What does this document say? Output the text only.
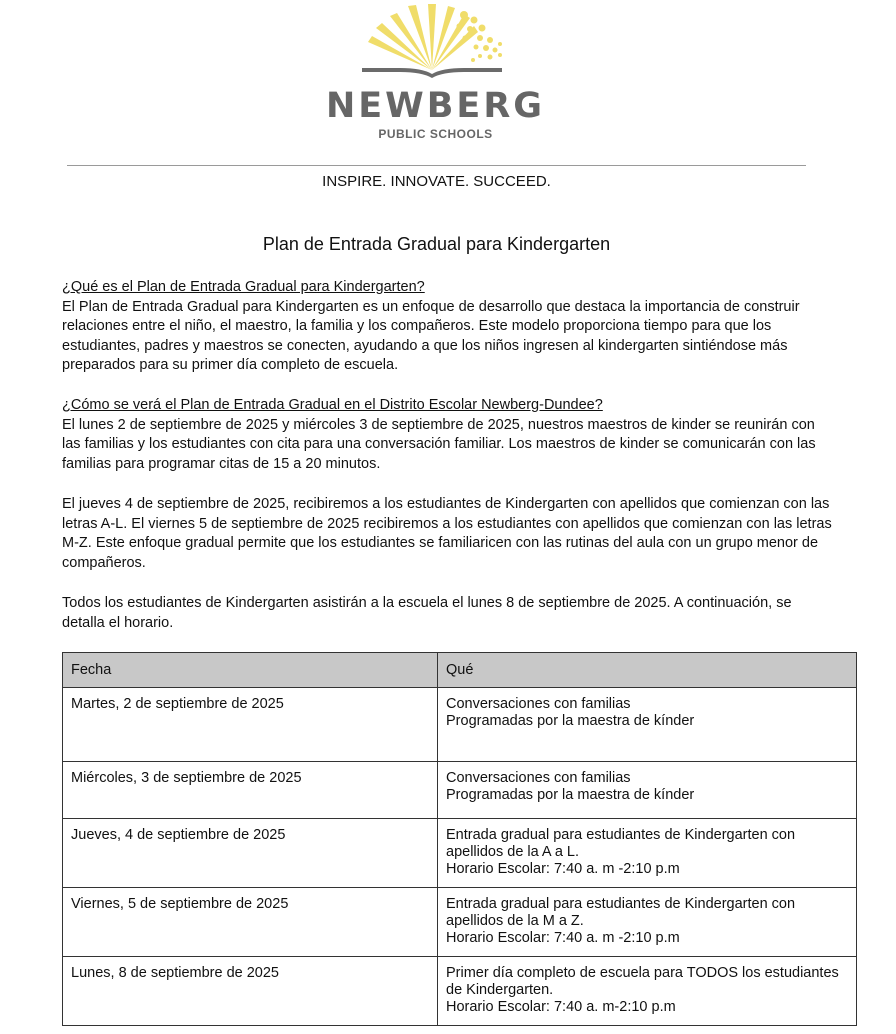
NEWBERG
PUBLIC SCHOOLS
INSPIRE. INNOVATE. SUCCEED.
Plan de Entrada Gradual para Kindergarten

¿Qué es el Plan de Entrada Gradual para Kindergarten?

El Plan de Entrada Gradual para Kindergarten es un enfoque de desarrollo que destaca la importancia de construir relaciones entre el niño, el maestro, la familia y los compañeros. Este modelo proporciona tiempo para que los estudiantes, padres y maestros se conecten, ayudando a que los niños ingresen al kindergarten sintiéndose más preparados para su primer día completo de escuela.

¿Cómo se verá el Plan de Entrada Gradual en el Distrito Escolar Newberg-Dundee?

El lunes 2 de septiembre de 2025 y miércoles 3 de septiembre de 2025, nuestros maestros de kinder se reunirán con las familias y los estudiantes con cita para una conversación familiar. Los maestros de kinder se comunicarán con las familias para programar citas de 15 a 20 minutos.

El jueves 4 de septiembre de 2025, recibiremos a los estudiantes de Kindergarten con apellidos que comienzan con las letras A-L. El viernes 5 de septiembre de 2025 recibiremos a los estudiantes con apellidos que comienzan con las letras M-Z. Este enfoque gradual permite que los estudiantes se familiaricen con las rutinas del aula con un grupo menor de compañeros.

Todos los estudiantes de Kindergarten asistirán a la escuela el lunes 8 de septiembre de 2025. A continuación, se detalla el horario.

Fecha	Qué
Martes, 2 de septiembre de 2025	Conversaciones con familias
Programadas por la maestra de kínder

Miércoles, 3 de septiembre de 2025	Conversaciones con familias
Programadas por la maestra de kínder

Jueves, 4 de septiembre de 2025	Entrada gradual para estudiantes de Kindergarten con apellidos de la A a L.
Horario Escolar: 7:40 a. m -2:10 p.m

Viernes, 5 de septiembre de 2025	Entrada gradual para estudiantes de Kindergarten con apellidos de la M a Z.
Horario Escolar: 7:40 a. m -2:10 p.m

Lunes, 8 de septiembre de 2025	Primer día completo de escuela para TODOS los estudiantes de Kindergarten.
Horario Escolar: 7:40 a. m-2:10 p.m
